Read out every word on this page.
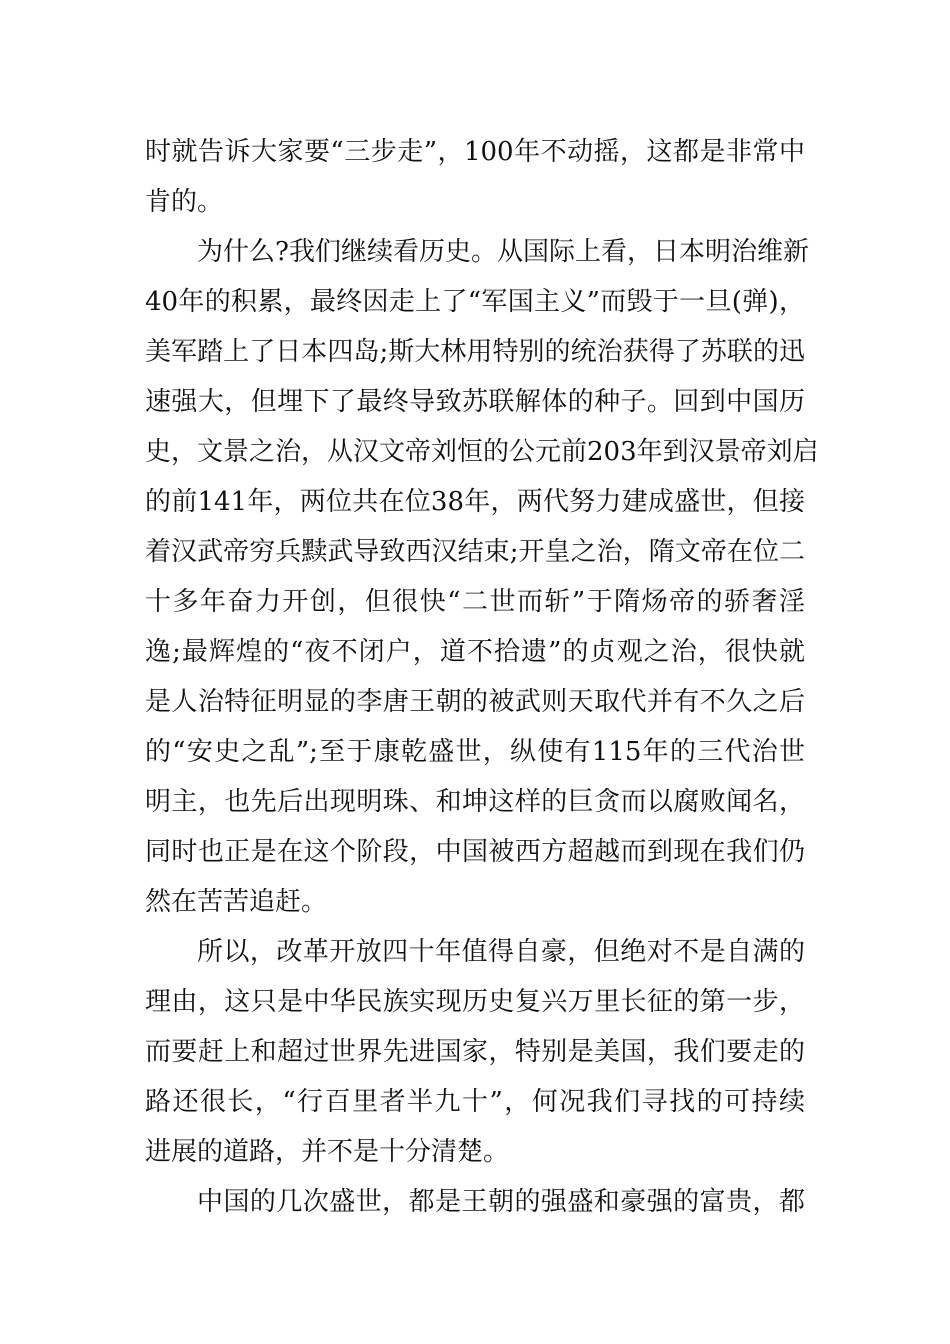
时就告诉大家要“三步走”，100年不动摇，这都是非常中
肯的。
为什么?我们继续看历史。从国际上看，日本明治维新
40年的积累，最终因走上了“军国主义”而毁于一旦(弹)，
美军踏上了日本四岛;斯大林用特别的统治获得了苏联的迅
速强大，但埋下了最终导致苏联解体的种子。回到中国历
史，文景之治，从汉文帝刘恒的公元前203年到汉景帝刘启
的前141年，两位共在位38年，两代努力建成盛世，但接
着汉武帝穷兵黩武导致西汉结束;开皇之治，隋文帝在位二
十多年奋力开创，但很快“二世而斩”于隋炀帝的骄奢淫
逸;最辉煌的“夜不闭户，道不拾遗”的贞观之治，很快就
是人治特征明显的李唐王朝的被武则天取代并有不久之后
的“安史之乱”;至于康乾盛世，纵使有115年的三代治世
明主，也先后出现明珠、和坤这样的巨贪而以腐败闻名，
同时也正是在这个阶段，中国被西方超越而到现在我们仍
然在苦苦追赶。
所以，改革开放四十年值得自豪，但绝对不是自满的
理由，这只是中华民族实现历史复兴万里长征的第一步，
而要赶上和超过世界先进国家，特别是美国，我们要走的
路还很长，“行百里者半九十”，何况我们寻找的可持续
进展的道路，并不是十分清楚。
中国的几次盛世，都是王朝的强盛和豪强的富贵，都
